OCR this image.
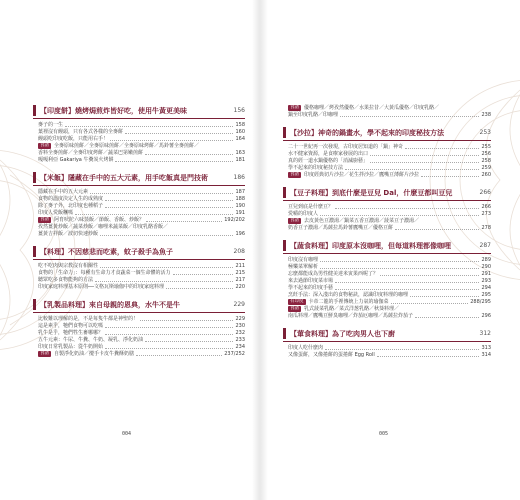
【印度餅】燒烤焗煎炸皆好吃，使用牛黃更美味	156
麥子的一生	158
葉裡沒有饅頭，只有各式各樣的全麥餅	160
饅頭吃印度吃飯，只能用右手！	164
食譜	全麥原味煎餅／全麥原味煎餅／全麥原味烤餅／馬鈴薯全麥煎餅／
香料全麥煎餅／全麥印度烤餅／蔬菜巴第嫩煎餅	163
嘎嘎利亞 Gakariya 牛糞炭火烤餅	181
【米飯】隱藏在手中的五大元素，用手吃飯真是門技術	186
隱藏在手中的五大元素	187
食物的溫度決定人生的成熟度	188
除了麥子外，北印度也種稻子	190
印度人愛飯糰嗎	191
食譜	阿育吠陀六味蒸飯／節飯、香飯、炒飯？	192/202
孜然薑黃炒飯／蔬菜炒飯／咖哩米蔬菜飯／印度乳酪香飯／
薑黃吉祥飯／波切快速炒飯	196
【料理】不因慈悲而吃素，蚊子殺手為魚子	208
吃不吃肉與宗教沒有相關性	211
食物的「生命力」：每種有生命力才食蔬菜一個生命體的活力	215
聽眾吃多食物能夠的方法	217
印度家庭料理基本原則──文格瓦斯瑜伽中的印度家庭料理	220
【乳製品料理】來自母親的恩典，水牛不是牛	229
比較難以理解的是，不是每隻牛都是神聖的！	229
這是素乎，牠們食物可以吃嗎	230
乳牛是乎，牠們牲生畜哪哪？	232
五牛元素：牛尿、牛糞、牛奶、凝乳、淨化奶油	233
印度日常乳製品：從牛奶開始	234
食譜	自製淨化奶油／攪手卡皮牛糞酥奶膳	237/252
004	005
食譜	優格咖哩／烤孜然優格／水果拉昔／大黃瓜優格／印度乳酪／
鍋至印度乳酪／印咖哩	238
【沙拉】神奇的鍋畫水，學不起來的印度秘技方法	253
二十一世紀再一次發現，古印度居知道的「鍋」神奇	255
水不健家資源，是食療家發展的出口	256
真的經一道水鍋優格的「消滅廚藝」	258
學不起來的印度秘技方法	259
食譜	印度經典切片沙拉／花生拌沙拉／鷹嘴豆薄餅片沙拉	260
【豆子料理】到底什麼是豆兒 Dal，什麼豆都叫豆兒	266
豆兒到底是什麼豆？	266
愛嚼的印度人	273
食譜	去皮黃色豆濃湯／鍋菜五香豆濃湯／菠菜豆子濃湯／
奶香豆子濃湯／馬薩拉馬鈴薯鷹嘴豆／優格豆餅	278
【蔬食料理】印度原本沒咖哩，但每道料理都像咖哩	287
印度沒有咖哩	289
極樂菜單解析	290
忘麼都能成為男性健美達米寅果西呢了？	291
來去過節印度菜市場	293
學不起來的印度手藝	294
烹飪手法：深入淺出的食物秘訣，認識印度料理的咖哩	295
有印度	卡帝二龍的手裡傳統上力氣的瑜伽菜	288/295
食譜	乳式菠菜乳酪／菜式洋葱乳酪／秋葵料理／
南瓜料理／鷹嘴豆鮮臭咖哩／炸茄厄咖哩／馬薩拉炸茄子	296
【葷食料理】為了吃肉男人也下廚	312
印度人吃什麼肉	313
又像蛋餅，又像捲餅的蛋捲餅 Egg Roll	314
